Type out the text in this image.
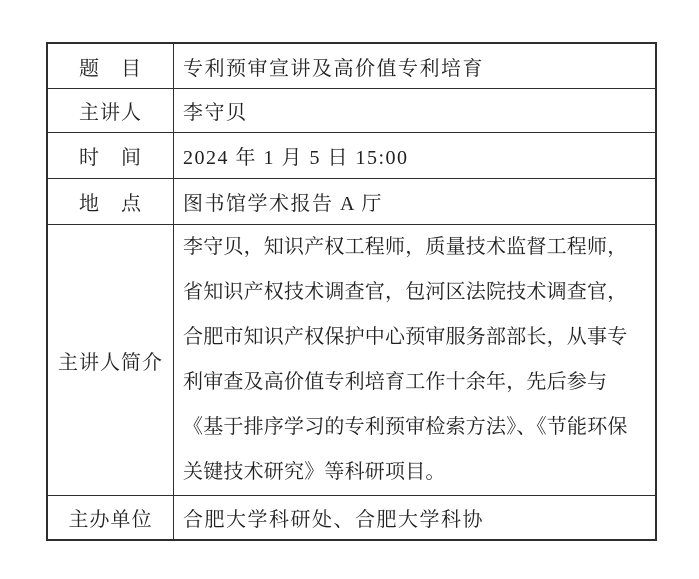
题　目 专利预审宣讲及高价值专利培育
主讲人 李守贝
时　间 2024 年 1 月 5 日 15:00
地　点 图书馆学术报告 A 厅
主讲人简介
李守贝，知识产权工程师，质量技术监督工程师，
省知识产权技术调查官，包河区法院技术调查官，
合肥市知识产权保护中心预审服务部部长，从事专
利审查及高价值专利培育工作十余年，先后参与
《基于排序学习的专利预审检索方法》、《节能环保
关键技术研究》等科研项目。
主办单位 合肥大学科研处、合肥大学科协
